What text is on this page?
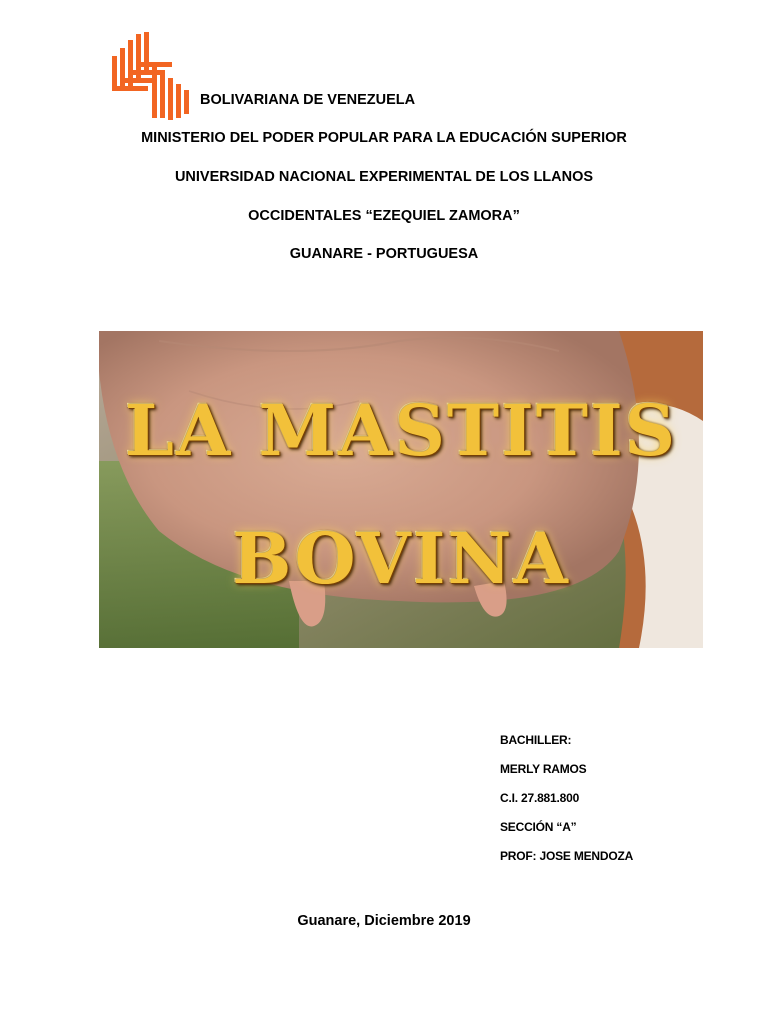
BOLIVARIANA DE VENEZUELA

MINISTERIO DEL PODER POPULAR PARA LA EDUCACIÓN SUPERIOR

UNIVERSIDAD NACIONAL EXPERIMENTAL DE LOS LLANOS

OCCIDENTALES “EZEQUIEL ZAMORA”

GUANARE - PORTUGUESA

LA MASTITIS
BOVINA
BACHILLER:
MERLY RAMOS
C.I. 27.881.800
SECCIÓN “A”
PROF: JOSE MENDOZA
Guanare, Diciembre 2019
